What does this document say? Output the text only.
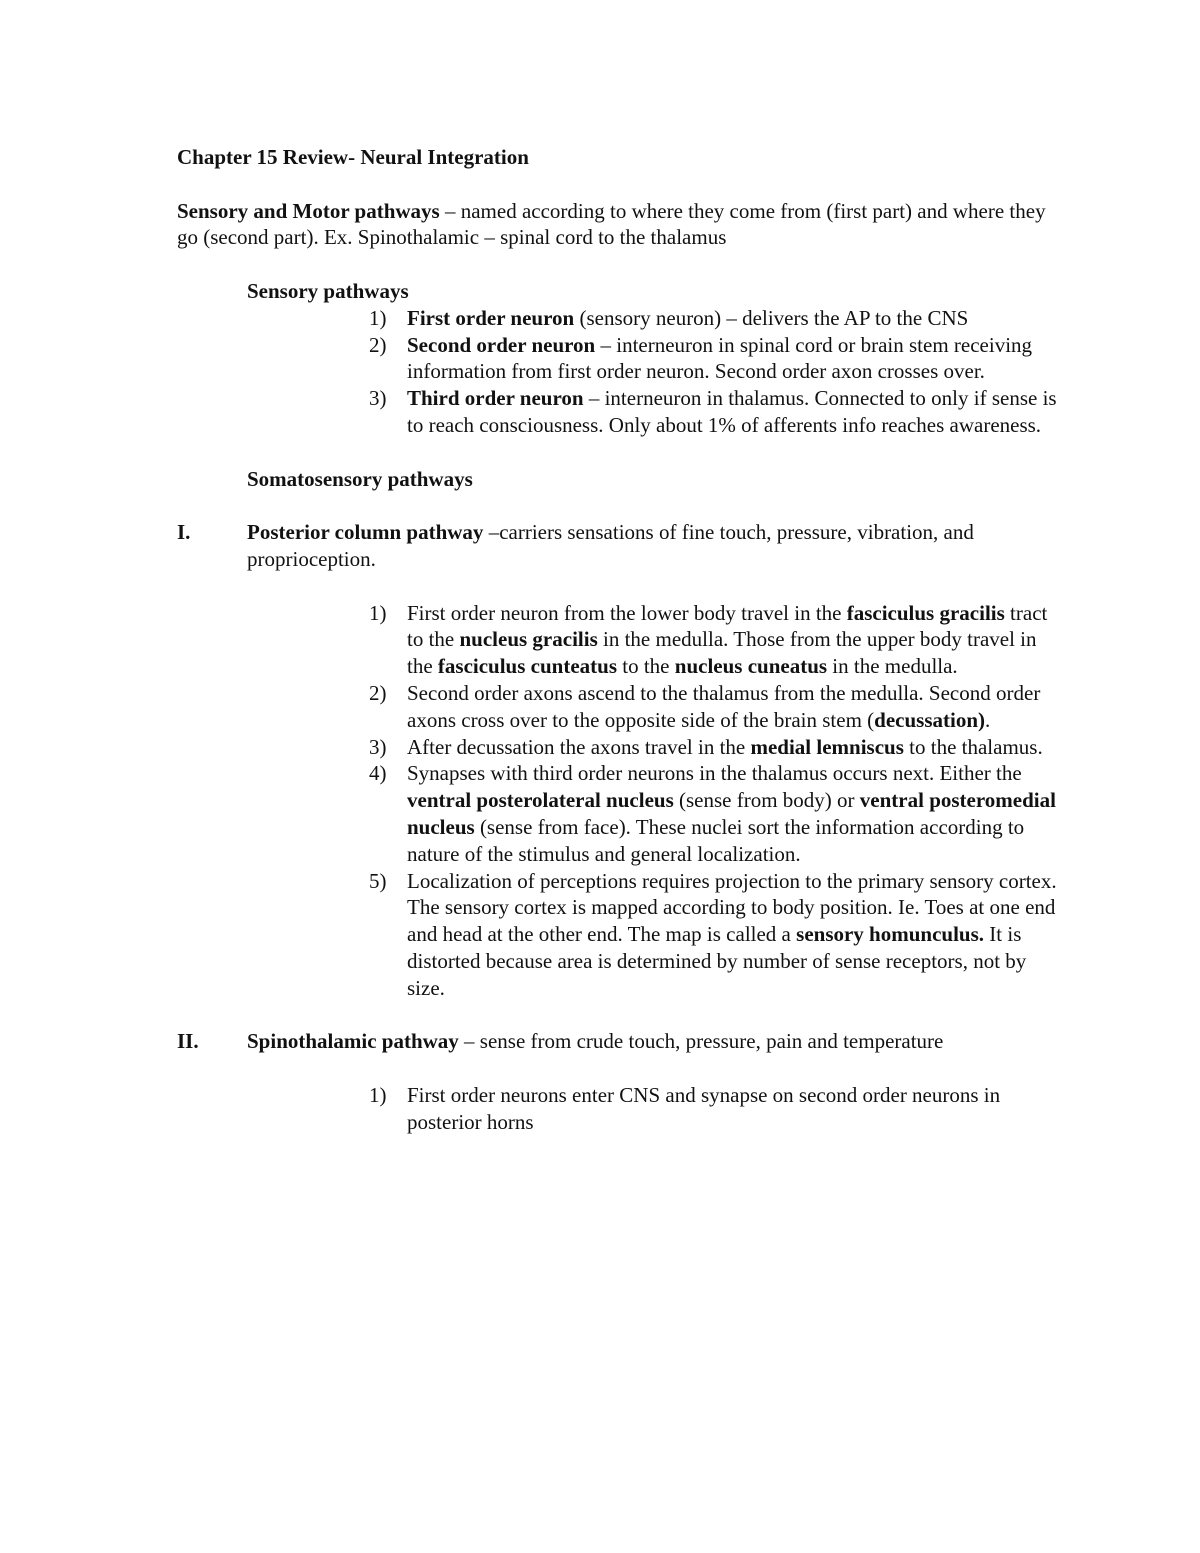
Chapter 15 Review- Neural Integration

Sensory and Motor pathways – named according to where they come from (first part) and where they go (second part). Ex. Spinothalamic – spinal cord to the thalamus

Sensory pathways

1) First order neuron (sensory neuron) – delivers the AP to the CNS
2) Second order neuron – interneuron in spinal cord or brain stem receiving information from first order neuron. Second order axon crosses over.
3) Third order neuron – interneuron in thalamus. Connected to only if sense is to reach consciousness. Only about 1% of afferents info reaches awareness.

Somatosensory pathways

I.	Posterior column pathway –carriers sensations of fine touch, pressure, vibration, and proprioception.

1) First order neuron from the lower body travel in the fasciculus gracilis tract to the nucleus gracilis in the medulla. Those from the upper body travel in the fasciculus cunteatus to the nucleus cuneatus in the medulla.
2) Second order axons ascend to the thalamus from the medulla. Second order axons cross over to the opposite side of the brain stem (decussation).
3) After decussation the axons travel in the medial lemniscus to the thalamus.
4) Synapses with third order neurons in the thalamus occurs next. Either the ventral posterolateral nucleus (sense from body) or ventral posteromedial nucleus (sense from face). These nuclei sort the information according to nature of the stimulus and general localization.
5) Localization of perceptions requires projection to the primary sensory cortex. The sensory cortex is mapped according to body position. Ie. Toes at one end and head at the other end. The map is called a sensory homunculus. It is distorted because area is determined by number of sense receptors, not by size.

II. Spinothalamic pathway – sense from crude touch, pressure, pain and temperature

1) First order neurons enter CNS and synapse on second order neurons in posterior horns
